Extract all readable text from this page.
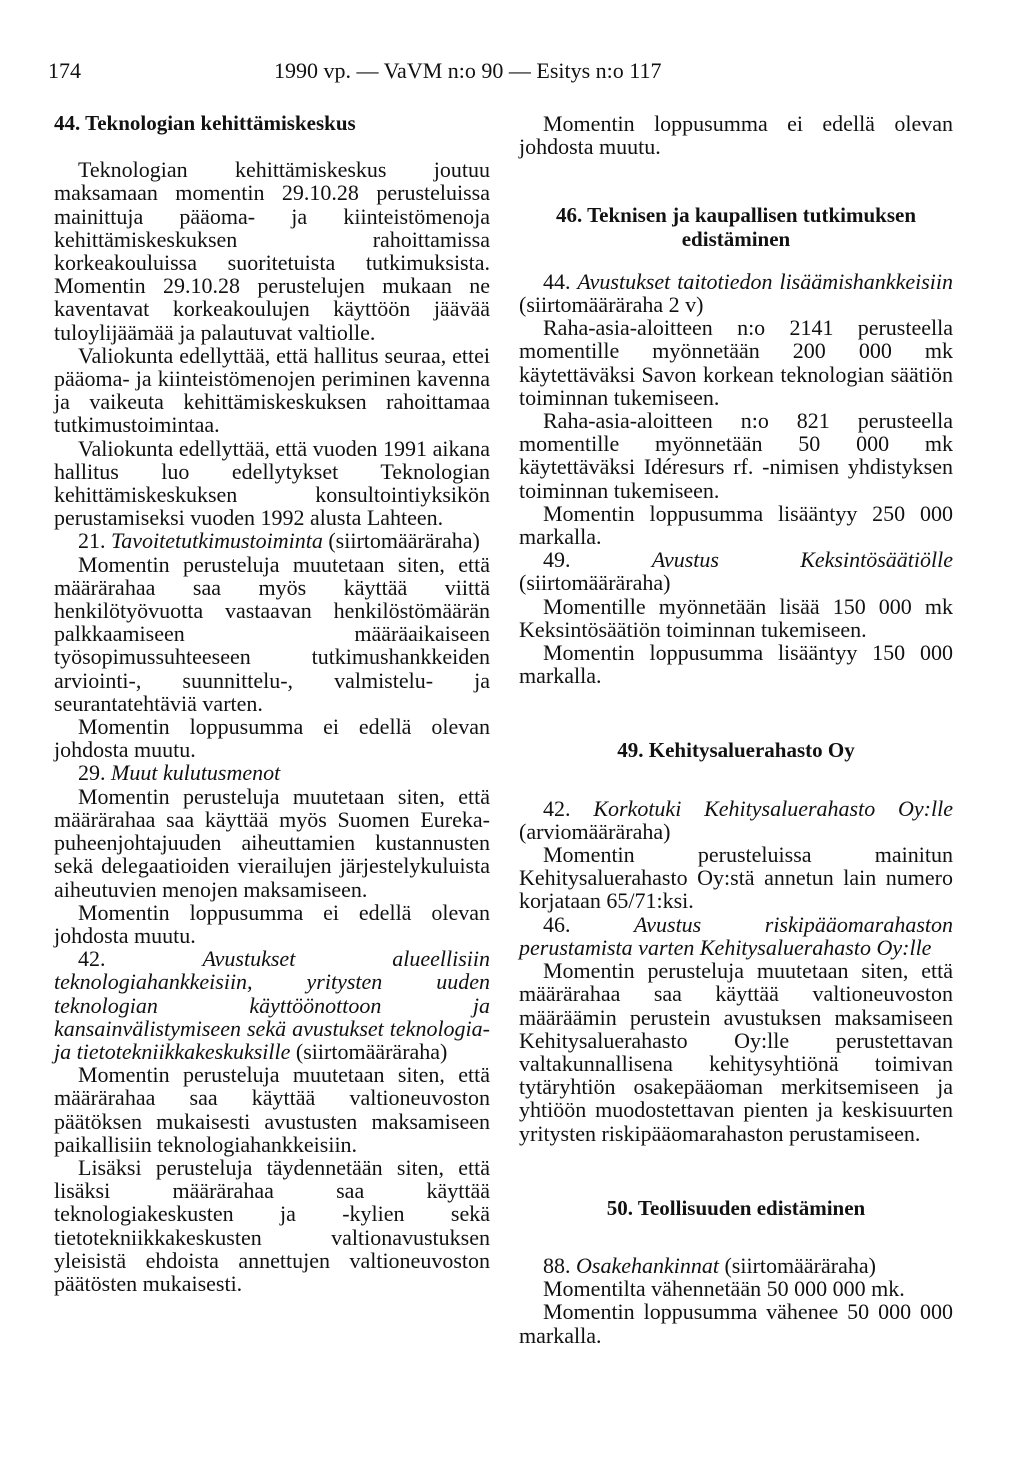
174	1990 vp. — VaVM n:o 90 — Esitys n:o 117

44. Teknologian kehittämiskeskus

Teknologian kehittämiskeskus joutuu maksamaan momentin 29.10.28 perusteluissa mainittuja pääoma- ja kiinteistömenoja kehittämiskeskuksen rahoittamissa korkeakouluissa suoritetuista tutkimuksista. Momentin 29.10.28 perustelujen mukaan ne kaventavat korkeakoulujen käyttöön jäävää tuloylijäämää ja palautuvat valtiolle.

Valiokunta edellyttää, että hallitus seuraa, ettei pääoma- ja kiinteistömenojen periminen kavenna ja vaikeuta kehittämiskeskuksen rahoittamaa tutkimustoimintaa.

Valiokunta edellyttää, että vuoden 1991 aikana hallitus luo edellytykset Teknologian kehittämiskeskuksen konsultointiyksikön perustamiseksi vuoden 1992 alusta Lahteen.

21. Tavoitetutkimustoiminta (siirtomääräraha)

Momentin perusteluja muutetaan siten, että määrärahaa saa myös käyttää viittä henkilötyövuotta vastaavan henkilöstömäärän palkkaamiseen määräaikaiseen työsopimussuhteeseen tutkimushankkeiden arviointi-, suunnittelu-, valmistelu- ja seurantatehtäviä varten.

Momentin loppusumma ei edellä olevan johdosta muutu.

29. Muut kulutusmenot

Momentin perusteluja muutetaan siten, että määrärahaa saa käyttää myös Suomen Eureka-puheenjohtajuuden aiheuttamien kustannusten sekä delegaatioiden vierailujen järjestelykuluista aiheutuvien menojen maksamiseen.

Momentin loppusumma ei edellä olevan johdosta muutu.

42.	Avustukset alueellisiin teknologiahankkeisiin, yritysten uuden teknologian käyttöönottoon ja kansainvälistymiseen sekä avustukset teknologia- ja tietotekniikkakeskuksille (siirtomääräraha)

Momentin perusteluja muutetaan siten, että määrärahaa saa käyttää valtioneuvoston päätöksen mukaisesti avustusten maksamiseen paikallisiin teknologiahankkeisiin.

Lisäksi perusteluja täydennetään siten, että lisäksi määrärahaa saa käyttää teknologiakeskusten ja -kylien sekä tietotekniikkakeskusten valtionavustuksen yleisistä ehdoista annettujen valtioneuvoston päätösten mukaisesti.

Momentin loppusumma ei edellä olevan johdosta muutu.

46. Teknisen ja kaupallisen tutkimuksen edistäminen

44. Avustukset taitotiedon lisäämishankkeisiin (siirtomääräraha 2 v)

Raha-asia-aloitteen n:o 2141 perusteella momentille myönnetään 200 000 mk käytettäväksi Savon korkean teknologian säätiön toiminnan tukemiseen.

Raha-asia-aloitteen n:o 821 perusteella momentille myönnetään 50 000 mk käytettäväksi Idéresurs rf. -nimisen yhdistyksen toiminnan tukemiseen.

Momentin loppusumma lisääntyy 250 000 markalla.

49.	Avustus Keksintösäätiölle (siirtomääräraha)

Momentille myönnetään lisää 150 000 mk Keksintösäätiön toiminnan tukemiseen.

Momentin loppusumma lisääntyy 150 000 markalla.

49. Kehitysaluerahasto Oy

42. Korkotuki Kehitysaluerahasto Oy:lle (arviomääräraha)

Momentin perusteluissa mainitun Kehitysaluerahasto Oy:stä annetun lain numero korjataan 65/71:ksi.

46.	Avustus riskipääomarahaston perustamista varten Kehitysaluerahasto Oy:lle

Momentin perusteluja muutetaan siten, että määrärahaa saa käyttää valtioneuvoston määräämin perustein avustuksen maksamiseen Kehitysaluerahasto Oy:lle perustettavan valtakunnallisena kehitysyhtiönä toimivan tytäryhtiön osakepääoman merkitsemiseen ja yhtiöön muodostettavan pienten ja keskisuurten yritysten riskipääomarahaston perustamiseen.

50. Teollisuuden edistäminen

88. Osakehankinnat (siirtomääräraha)

Momentilta vähennetään 50 000 000 mk.

Momentin loppusumma vähenee 50 000 000 markalla.
